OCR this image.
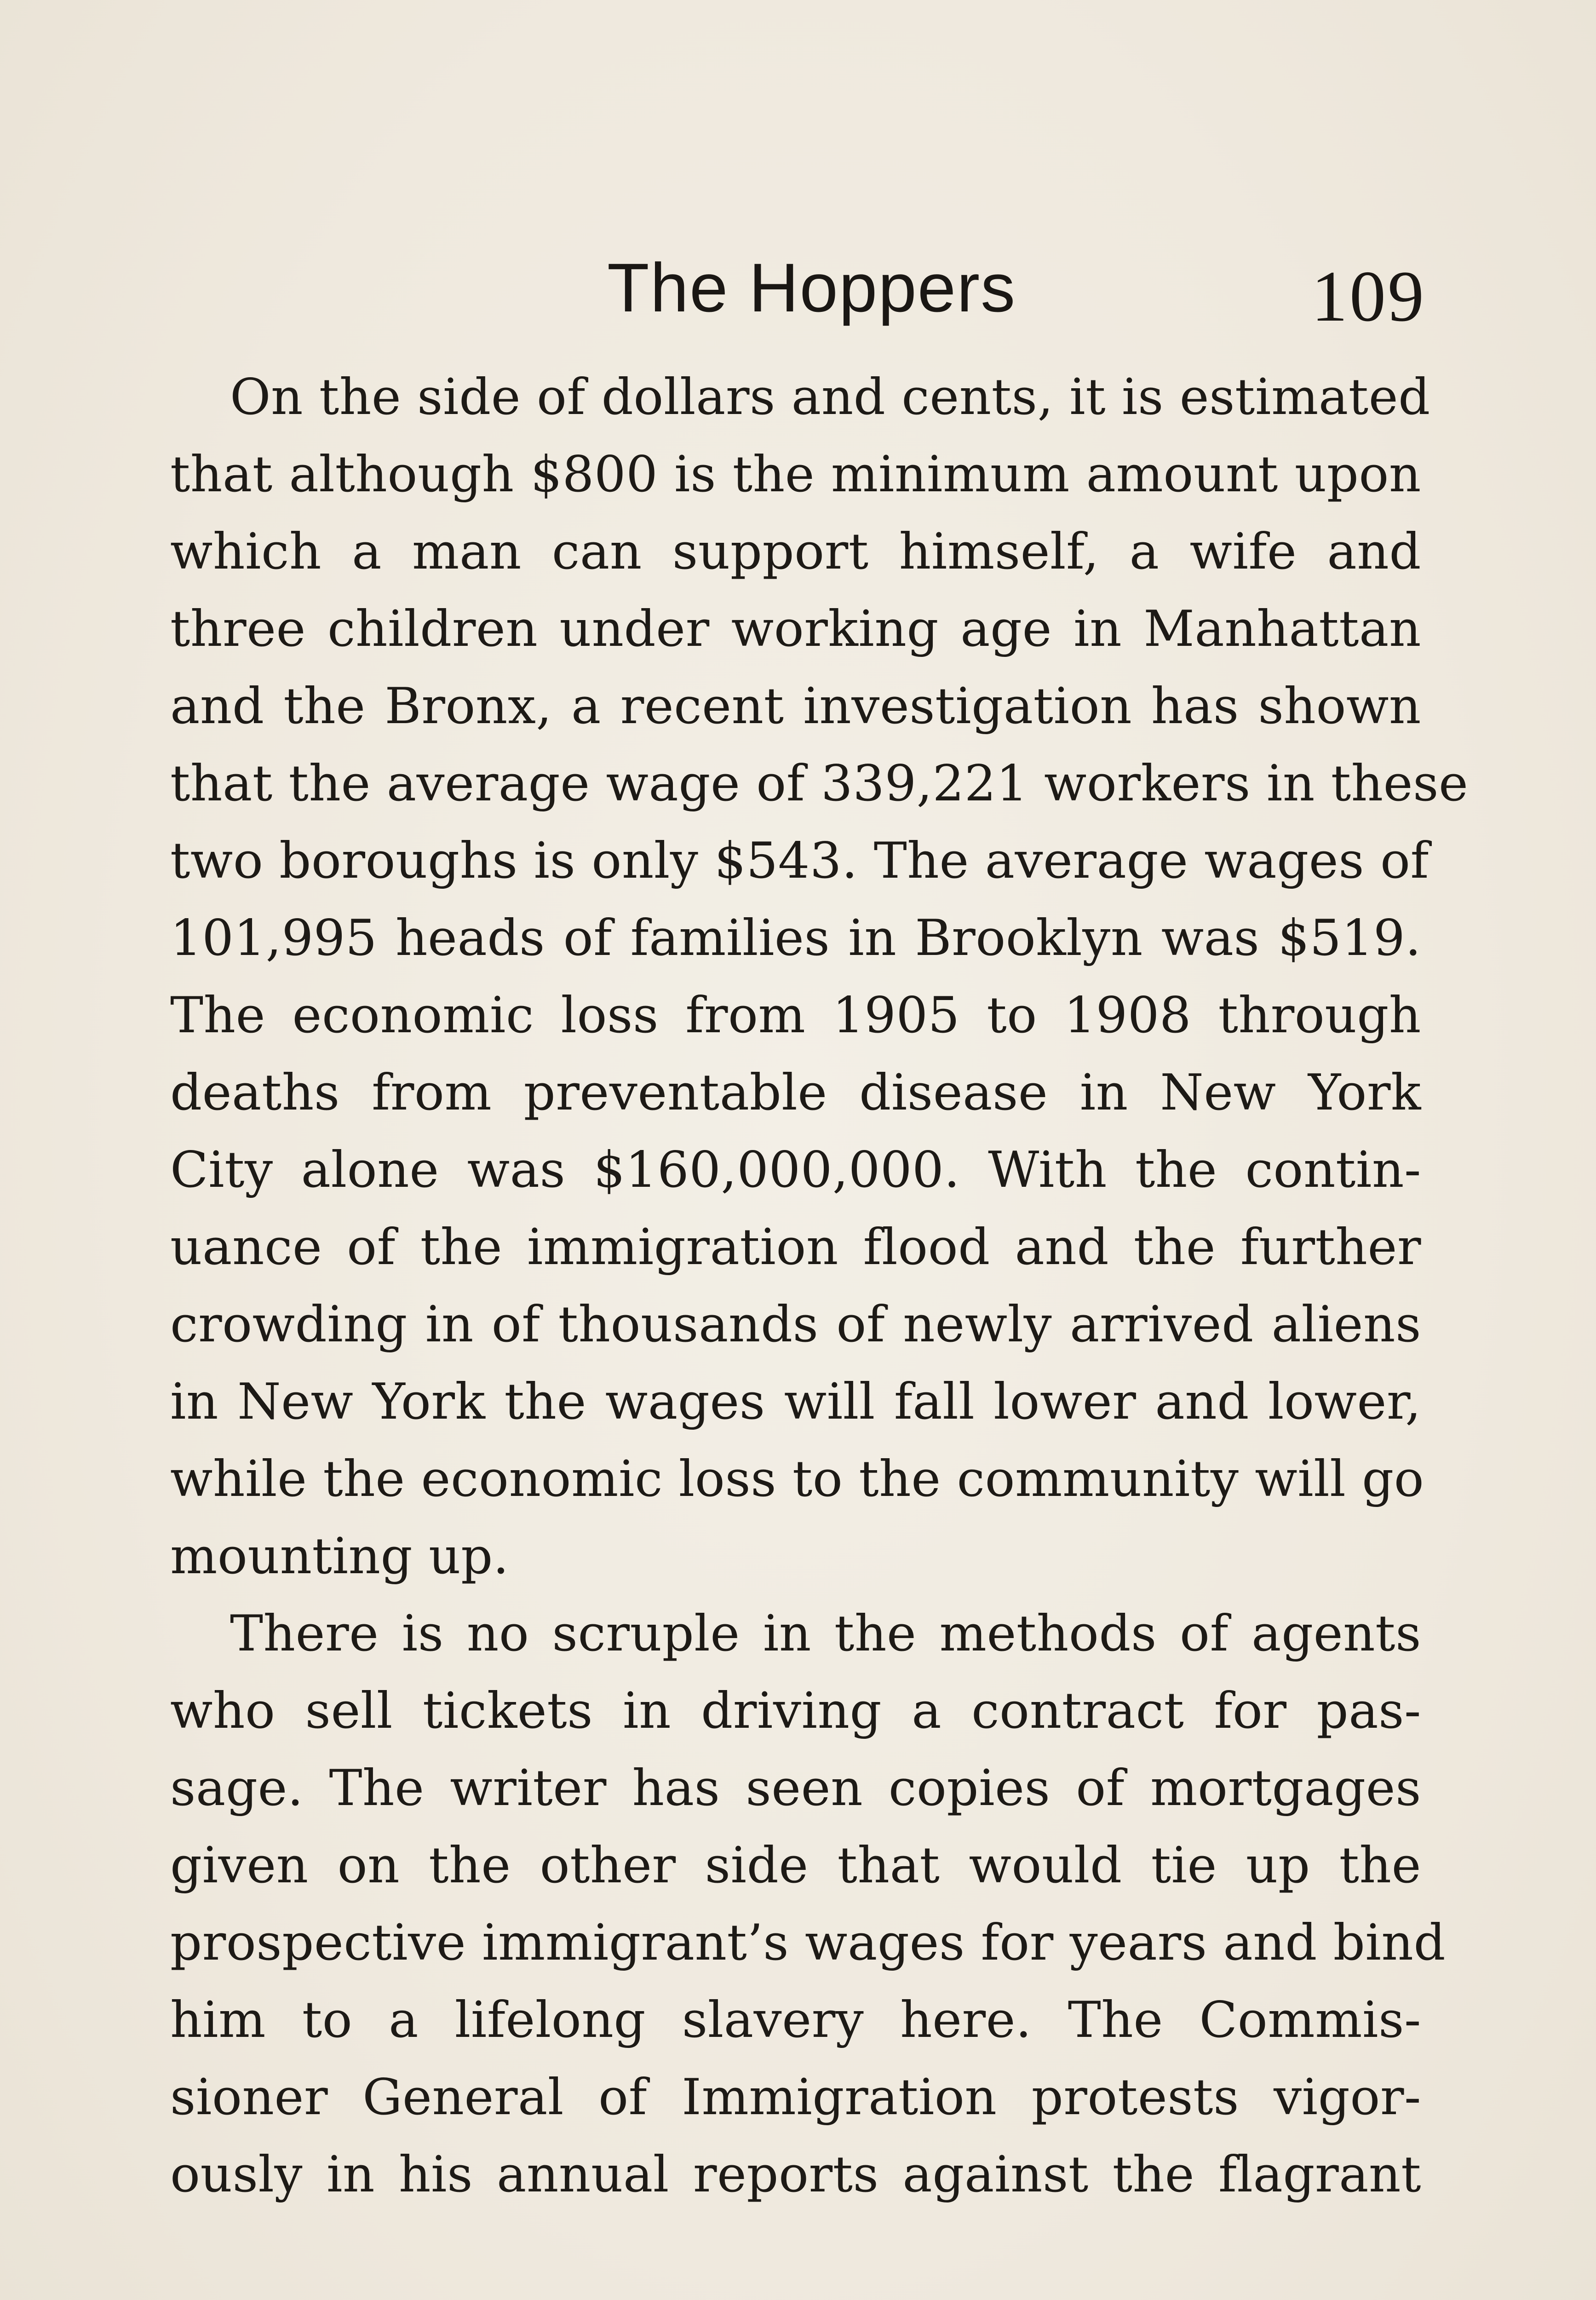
The Hoppers	109
On the side of dollars and cents, it is estimated
that although $800 is the minimum amount upon
which a man can support himself, a wife and
three children under working age in Manhattan
and the Bronx, a recent investigation has shown
that the average wage of 339,221 workers in these
two boroughs is only $543. The average wages of
101,995 heads of families in Brooklyn was $519.
The economic loss from 1905 to 1908 through
deaths from preventable disease in New York
City alone was $160,000,000. With the contin-
uance of the immigration flood and the further
crowding in of thousands of newly arrived aliens
in New York the wages will fall lower and lower,
while the economic loss to the community will go
mounting up.
There is no scruple in the methods of agents
who sell tickets in driving a contract for pas-
sage. The writer has seen copies of mortgages
given on the other side that would tie up the
prospective immigrant’s wages for years and bind
him to a lifelong slavery here. The Commis-
sioner General of Immigration protests vigor-
ously in his annual reports against the flagrant
